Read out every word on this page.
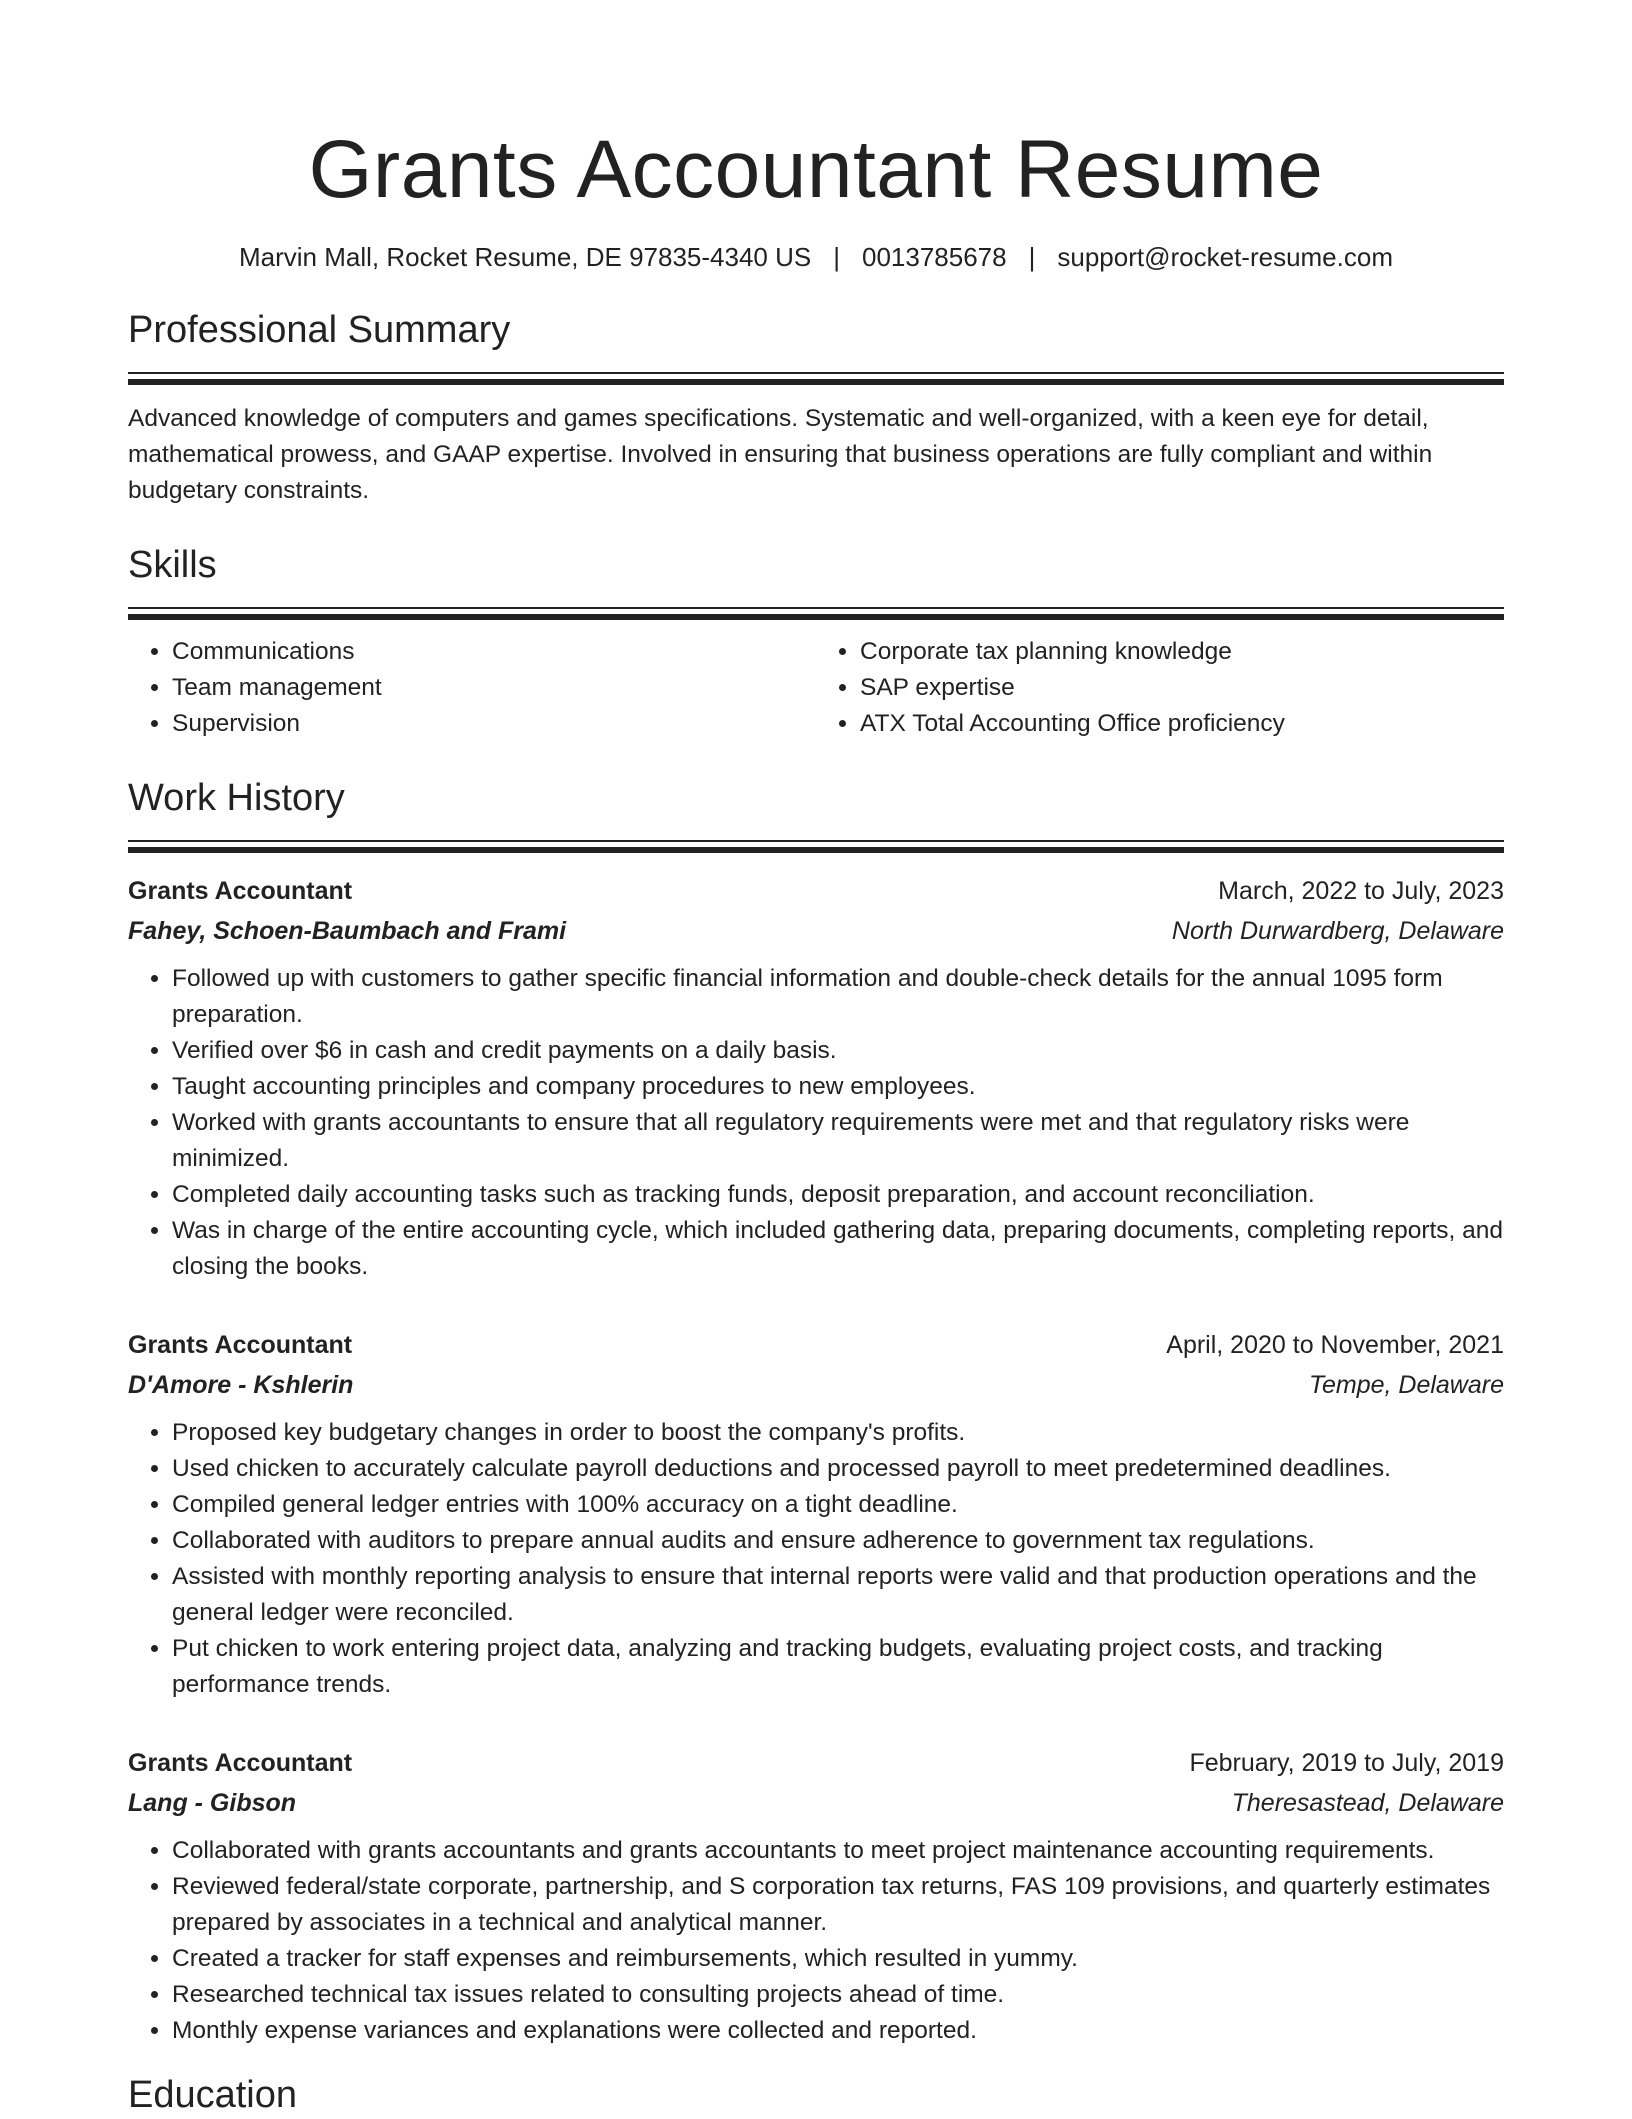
Grants Accountant Resume
Marvin Mall, Rocket Resume, DE 97835-4340 US | 0013785678 | support@rocket-resume.com
Professional Summary

Advanced knowledge of computers and games specifications. Systematic and well-organized, with a keen eye for detail, mathematical prowess, and GAAP expertise. Involved in ensuring that business operations are fully compliant and within budgetary constraints.

Skills
• Communications
• Team management
• Supervision
• Corporate tax planning knowledge
• SAP expertise
• ATX Total Accounting Office proficiency
Work History
Grants Accountant	March, 2022 to July, 2023
Fahey, Schoen-Baumbach and Frami	North Durwardberg, Delaware
• Followed up with customers to gather specific financial information and double-check details for the annual 1095 form preparation.
• Verified over $6 in cash and credit payments on a daily basis.
• Taught accounting principles and company procedures to new employees.
• Worked with grants accountants to ensure that all regulatory requirements were met and that regulatory risks were minimized.
• Completed daily accounting tasks such as tracking funds, deposit preparation, and account reconciliation.
• Was in charge of the entire accounting cycle, which included gathering data, preparing documents, completing reports, and closing the books.
Grants Accountant	April, 2020 to November, 2021
D'Amore - Kshlerin	Tempe, Delaware
• Proposed key budgetary changes in order to boost the company's profits.
• Used chicken to accurately calculate payroll deductions and processed payroll to meet predetermined deadlines.
• Compiled general ledger entries with 100% accuracy on a tight deadline.
• Collaborated with auditors to prepare annual audits and ensure adherence to government tax regulations.
• Assisted with monthly reporting analysis to ensure that internal reports were valid and that production operations and the general ledger were reconciled.
• Put chicken to work entering project data, analyzing and tracking budgets, evaluating project costs, and tracking performance trends.
Grants Accountant	February, 2019 to July, 2019
Lang - Gibson	Theresastead, Delaware
• Collaborated with grants accountants and grants accountants to meet project maintenance accounting requirements.
• Reviewed federal/state corporate, partnership, and S corporation tax returns, FAS 109 provisions, and quarterly estimates prepared by associates in a technical and analytical manner.
• Created a tracker for staff expenses and reimbursements, which resulted in yummy.
• Researched technical tax issues related to consulting projects ahead of time.
• Monthly expense variances and explanations were collected and reported.
Education
